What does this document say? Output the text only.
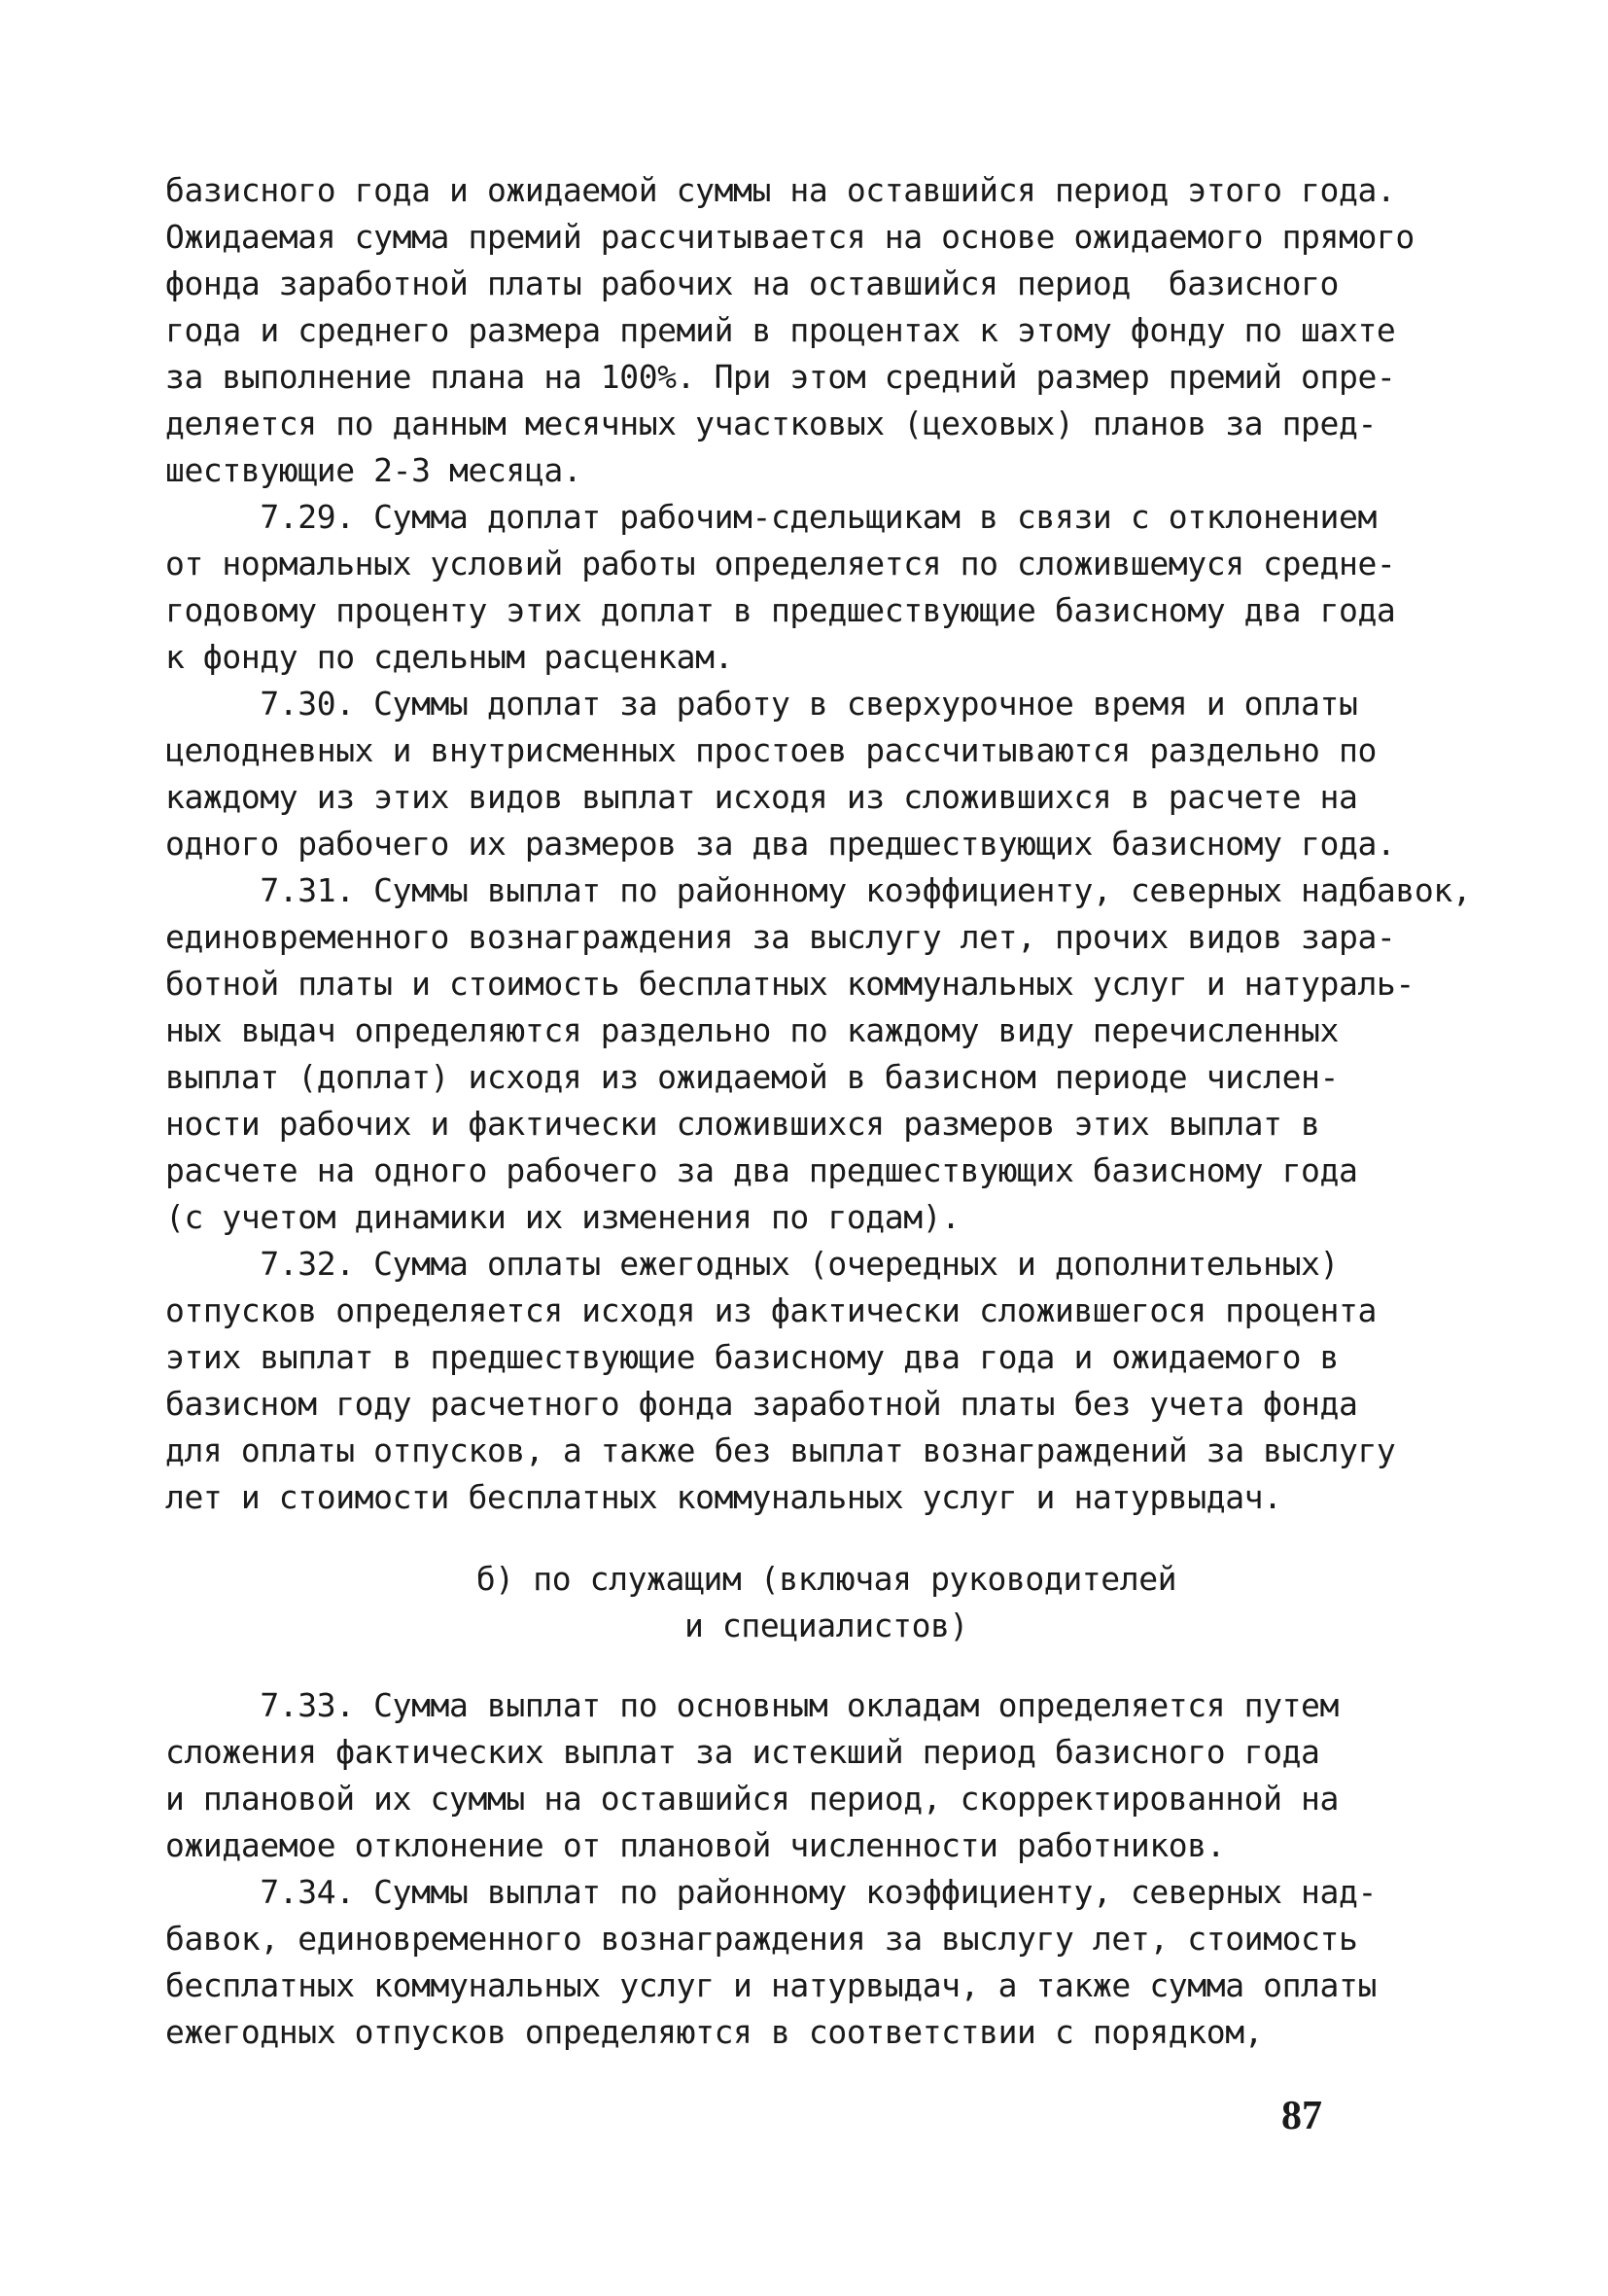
базисного года и ожидаемой суммы на оставшийся период этого года.
Ожидаемая сумма премий рассчитывается на основе ожидаемого прямого
фонда заработной платы рабочих на оставшийся период  базисного
года и среднего размера премий в процентах к этому фонду по шахте
за выполнение плана на 100%. При этом средний размер премий опре-
деляется по данным месячных участковых (цеховых) планов за пред-
шествующие 2-3 месяца.
7.29. Сумма доплат рабочим-сдельщикам в связи с отклонением
от нормальных условий работы определяется по сложившемуся средне-
годовому проценту этих доплат в предшествующие базисному два года
к фонду по сдельным расценкам.
7.30. Суммы доплат за работу в сверхурочное время и оплаты
целодневных и внутрисменных простоев рассчитываются раздельно по
каждому из этих видов выплат исходя из сложившихся в расчете на
одного рабочего их размеров за два предшествующих базисному года.
7.31. Суммы выплат по районному коэффициенту, северных надбавок,
единовременного вознаграждения за выслугу лет, прочих видов зара-
ботной платы и стоимость бесплатных коммунальных услуг и натураль-
ных выдач определяются раздельно по каждому виду перечисленных
выплат (доплат) исходя из ожидаемой в базисном периоде числен-
ности рабочих и фактически сложившихся размеров этих выплат в
расчете на одного рабочего за два предшествующих базисному года
(с учетом динамики их изменения по годам).
7.32. Сумма оплаты ежегодных (очередных и дополнительных)
отпусков определяется исходя из фактически сложившегося процента
этих выплат в предшествующие базисному два года и ожидаемого в
базисном году расчетного фонда заработной платы без учета фонда
для оплаты отпусков, а также без выплат вознаграждений за выслугу
лет и стоимости бесплатных коммунальных услуг и натурвыдач.
б) по служащим (включая руководителей
и специалистов)
7.33. Сумма выплат по основным окладам определяется путем
сложения фактических выплат за истекший период базисного года
и плановой их суммы на оставшийся период, скорректированной на
ожидаемое отклонение от плановой численности работников.
7.34. Суммы выплат по районному коэффициенту, северных над-
бавок, единовременного вознаграждения за выслугу лет, стоимость
бесплатных коммунальных услуг и натурвыдач, а также сумма оплаты
ежегодных отпусков определяются в соответствии с порядком,
87
